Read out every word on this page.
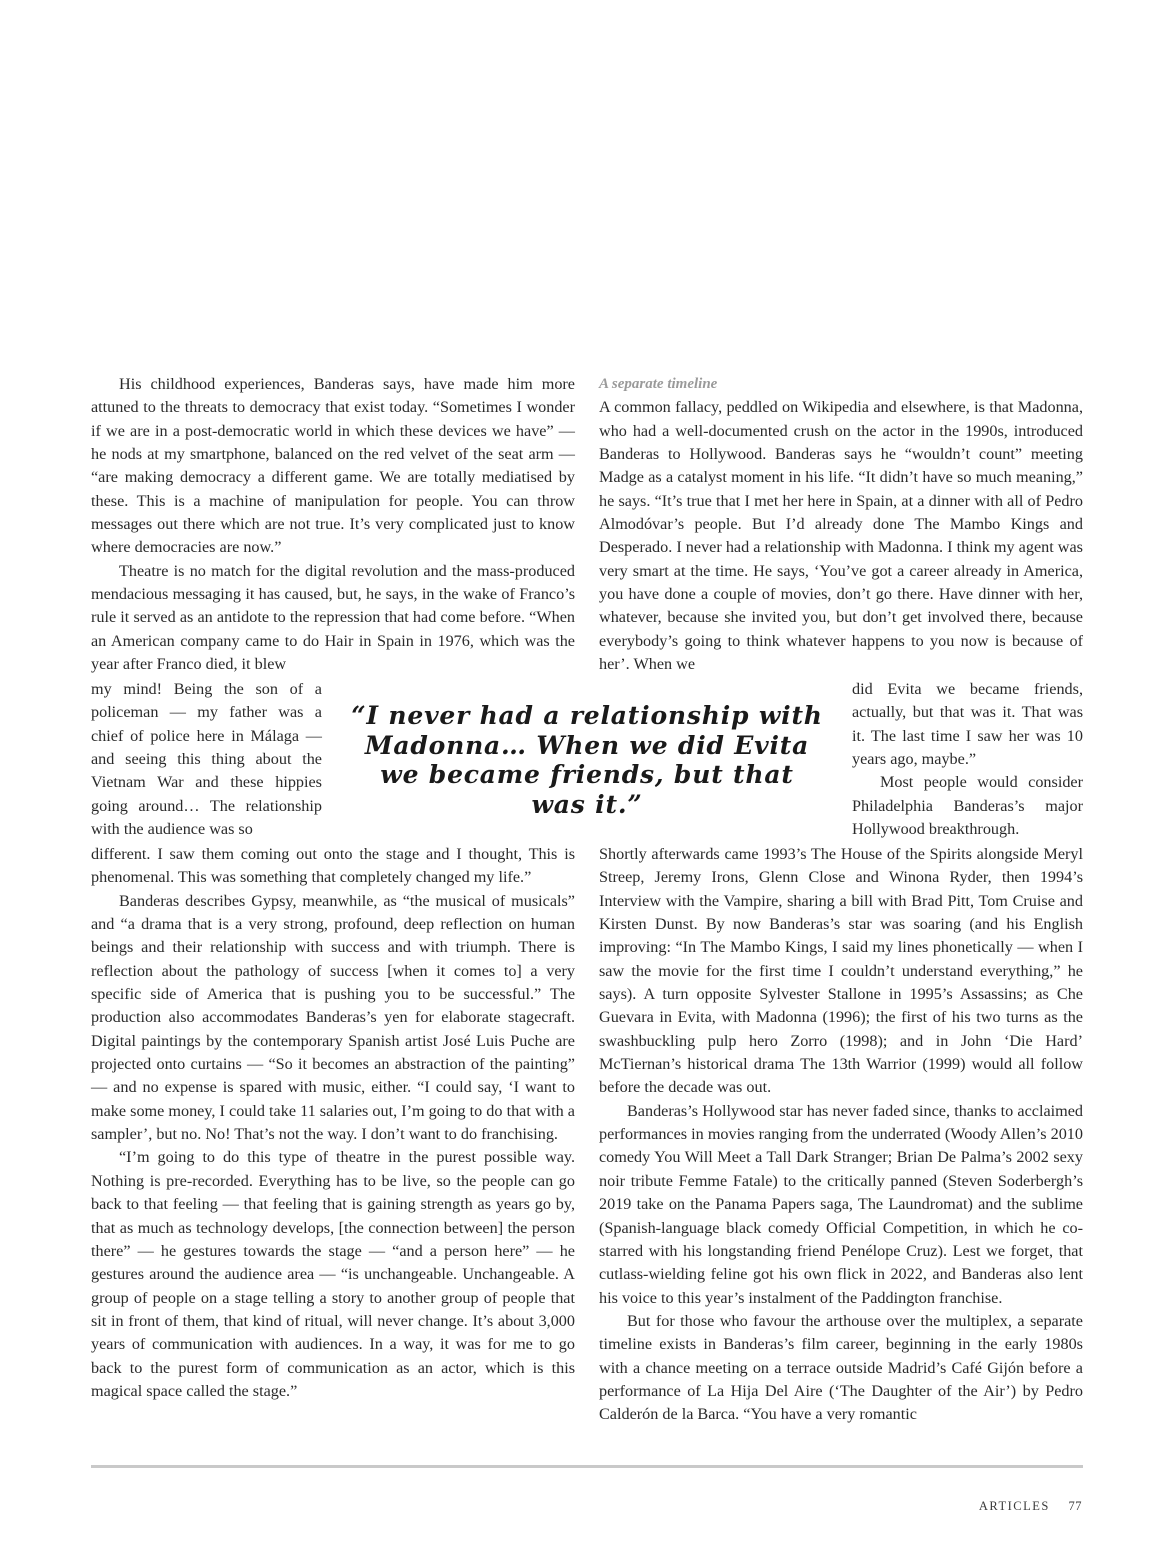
His childhood experiences, Banderas says, have made him more attuned to the threats to democracy that exist today. “Sometimes I wonder if we are in a post-democratic world in which these devices we have” — he nods at my smartphone, balanced on the red velvet of the seat arm — “are making democracy a different game. We are totally mediatised by these. This is a machine of manipulation for people. You can throw messages out there which are not true. It’s very complicated just to know where democracies are now.”

Theatre is no match for the digital revolution and the mass-produced mendacious messaging it has caused, but, he says, in the wake of Franco’s rule it served as an antidote to the repression that had come before. “When an American company came to do Hair in Spain in 1976, which was the year after Franco died, it blew

my mind! Being the son of a policeman — my father was a chief of police here in Málaga — and seeing this thing about the Vietnam War and these hippies going around… The relationship with the audience was so

different. I saw them coming out onto the stage and I thought, This is phenomenal. This was something that completely changed my life.”

Banderas describes Gypsy, meanwhile, as “the musical of musicals” and “a drama that is a very strong, profound, deep reflection on human beings and their relationship with success and with triumph. There is reflection about the pathology of success [when it comes to] a very specific side of America that is pushing you to be successful.” The production also accommodates Banderas’s yen for elaborate stagecraft. Digital paintings by the contemporary Spanish artist José Luis Puche are projected onto curtains — “So it becomes an abstraction of the painting” — and no expense is spared with music, either. “I could say, ‘I want to make some money, I could take 11 salaries out, I’m going to do that with a sampler’, but no. No! That’s not the way. I don’t want to do franchising.

“I’m going to do this type of theatre in the purest possible way. Nothing is pre-recorded. Everything has to be live, so the people can go back to that feeling — that feeling that is gaining strength as years go by, that as much as technology develops, [the connection between] the person there” — he gestures towards the stage — “and a person here” — he gestures around the audience area — “is unchangeable. Unchangeable. A group of people on a stage telling a story to another group of people that sit in front of them, that kind of ritual, will never change. It’s about 3,000 years of communication with audiences. In a way, it was for me to go back to the purest form of communication as an actor, which is this magical space called the stage.”

A separate timeline

A common fallacy, peddled on Wikipedia and elsewhere, is that Madonna, who had a well-documented crush on the actor in the 1990s, introduced Banderas to Hollywood. Banderas says he “wouldn’t count” meeting Madge as a catalyst moment in his life. “It didn’t have so much meaning,” he says. “It’s true that I met her here in Spain, at a dinner with all of Pedro Almodóvar’s people. But I’d already done The Mambo Kings and Desperado. I never had a relationship with Madonna. I think my agent was very smart at the time. He says, ‘You’ve got a career already in America, you have done a couple of movies, don’t go there. Have dinner with her, whatever, because she invited you, but don’t get involved there, because everybody’s going to think whatever happens to you now is because of her’. When we

did Evita we became friends, actually, but that was it. That was it. The last time I saw her was 10 years ago, maybe.”

Most people would consider Philadelphia Banderas’s major Hollywood breakthrough.

Shortly afterwards came 1993’s The House of the Spirits alongside Meryl Streep, Jeremy Irons, Glenn Close and Winona Ryder, then 1994’s Interview with the Vampire, sharing a bill with Brad Pitt, Tom Cruise and Kirsten Dunst. By now Banderas’s star was soaring (and his English improving: “In The Mambo Kings, I said my lines phonetically — when I saw the movie for the first time I couldn’t understand everything,” he says). A turn opposite Sylvester Stallone in 1995’s Assassins; as Che Guevara in Evita, with Madonna (1996); the first of his two turns as the swashbuckling pulp hero Zorro (1998); and in John ‘Die Hard’ McTiernan’s historical drama The 13th Warrior (1999) would all follow before the decade was out.

Banderas’s Hollywood star has never faded since, thanks to acclaimed performances in movies ranging from the underrated (Woody Allen’s 2010 comedy You Will Meet a Tall Dark Stranger; Brian De Palma’s 2002 sexy noir tribute Femme Fatale) to the critically panned (Steven Soderbergh’s 2019 take on the Panama Papers saga, The Laundromat) and the sublime (Spanish-language black comedy Official Competition, in which he co-starred with his longstanding friend Penélope Cruz). Lest we forget, that cutlass-wielding feline got his own flick in 2022, and Banderas also lent his voice to this year’s instalment of the Paddington franchise.

But for those who favour the arthouse over the multiplex, a separate timeline exists in Banderas’s film career, beginning in the early 1980s with a chance meeting on a terrace outside Madrid’s Café Gijón before a performance of La Hija Del Aire (‘The Daughter of the Air’) by Pedro Calderón de la Barca. “You have a very romantic

“I never had a relationship with Madonna… When we did Evita we became friends, but that was it.”
ARTICLES 77
